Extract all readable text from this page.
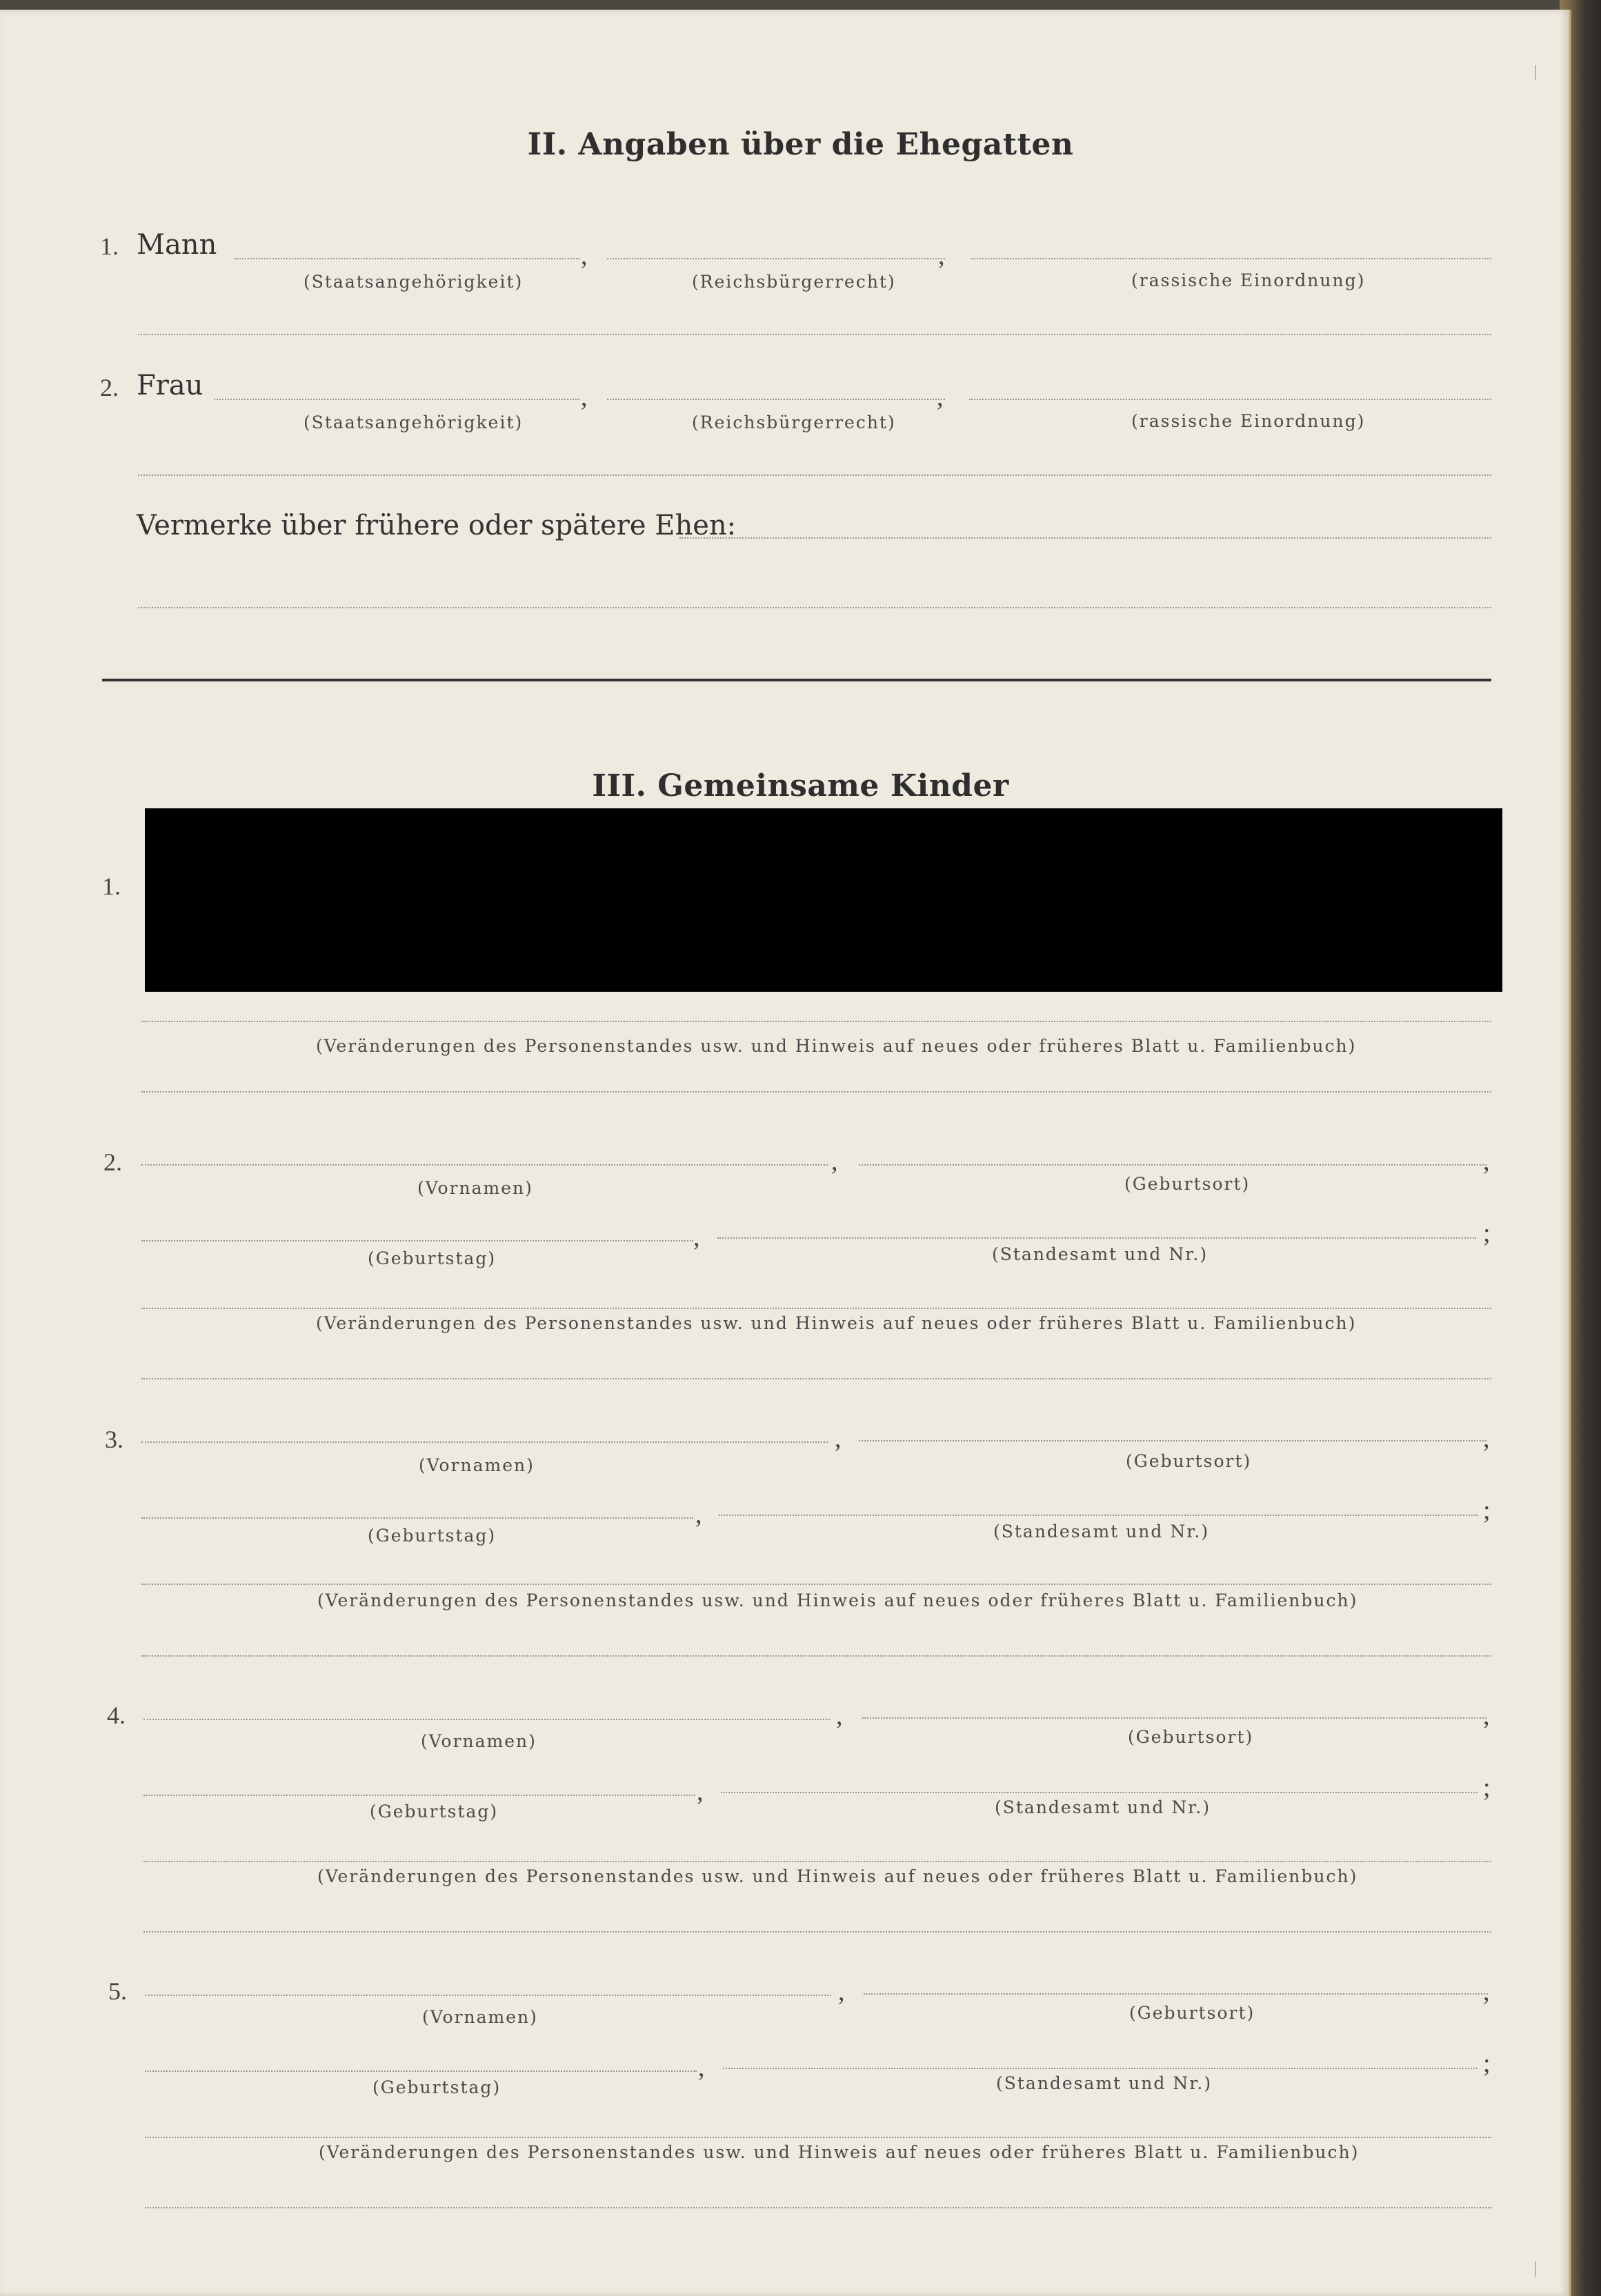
II. Angaben über die Ehegatten
1. Mann	,	,
(Staatsangehörigkeit)	(Reichsbürgerrecht)	(rassische Einordnung)
2. Frau	,	,
(Staatsangehörigkeit)	(Reichsbürgerrecht)	(rassische Einordnung)
Vermerke über frühere oder spätere Ehen:
III. Gemeinsame Kinder
1.
(Veränderungen des Personenstandes usw. und Hinweis auf neues oder früheres Blatt u. Familienbuch)
2.	,	,
(Vornamen)	(Geburtsort)
,	;
(Geburtstag)	(Standesamt und Nr.)
(Veränderungen des Personenstandes usw. und Hinweis auf neues oder früheres Blatt u. Familienbuch)
3.	,	,
(Vornamen)	(Geburtsort)
,	;
(Geburtstag)	(Standesamt und Nr.)
(Veränderungen des Personenstandes usw. und Hinweis auf neues oder früheres Blatt u. Familienbuch)
4.	,	,
(Vornamen)	(Geburtsort)
,	;
(Geburtstag)	(Standesamt und Nr.)
(Veränderungen des Personenstandes usw. und Hinweis auf neues oder früheres Blatt u. Familienbuch)
5.	,	,
(Vornamen)	(Geburtsort)
,	;
(Geburtstag)	(Standesamt und Nr.)
(Veränderungen des Personenstandes usw. und Hinweis auf neues oder früheres Blatt u. Familienbuch)
